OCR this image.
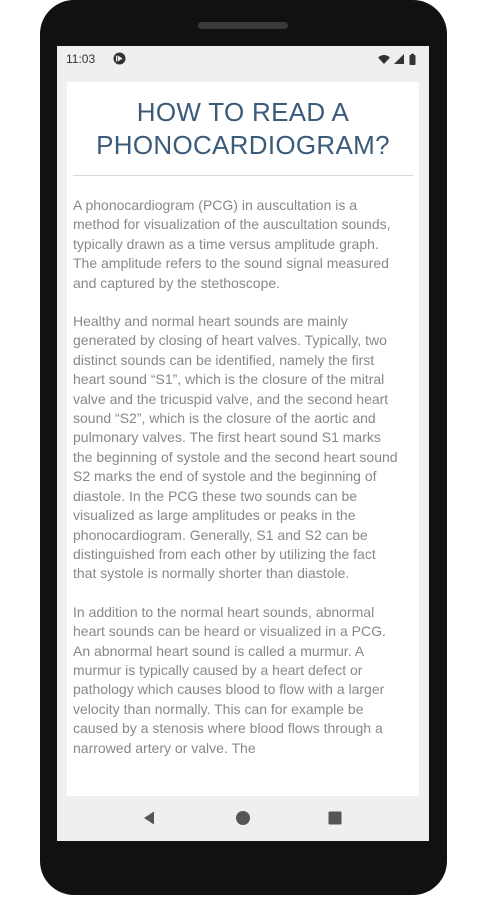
11:03
HOW TO READ A PHONOCARDIOGRAM?

A phonocardiogram (PCG) in auscultation is a method for visualization of the auscultation sounds, typically drawn as a time versus amplitude graph. The amplitude refers to the sound signal measured and captured by the stethoscope.

Healthy and normal heart sounds are mainly generated by closing of heart valves. Typically, two distinct sounds can be identified, namely the first heart sound “S1”, which is the closure of the mitral valve and the tricuspid valve, and the second heart sound “S2”, which is the closure of the aortic and pulmonary valves. The first heart sound S1 marks the beginning of systole and the second heart sound S2 marks the end of systole and the beginning of diastole. In the PCG these two sounds can be visualized as large amplitudes or peaks in the phonocardiogram. Generally, S1 and S2 can be distinguished from each other by utilizing the fact that systole is normally shorter than diastole.

In addition to the normal heart sounds, abnormal heart sounds can be heard or visualized in a PCG. An abnormal heart sound is called a murmur. A murmur is typically caused by a heart defect or pathology which causes blood to flow with a larger velocity than normally. This can for example be caused by a stenosis where blood flows through a narrowed artery or valve. The
